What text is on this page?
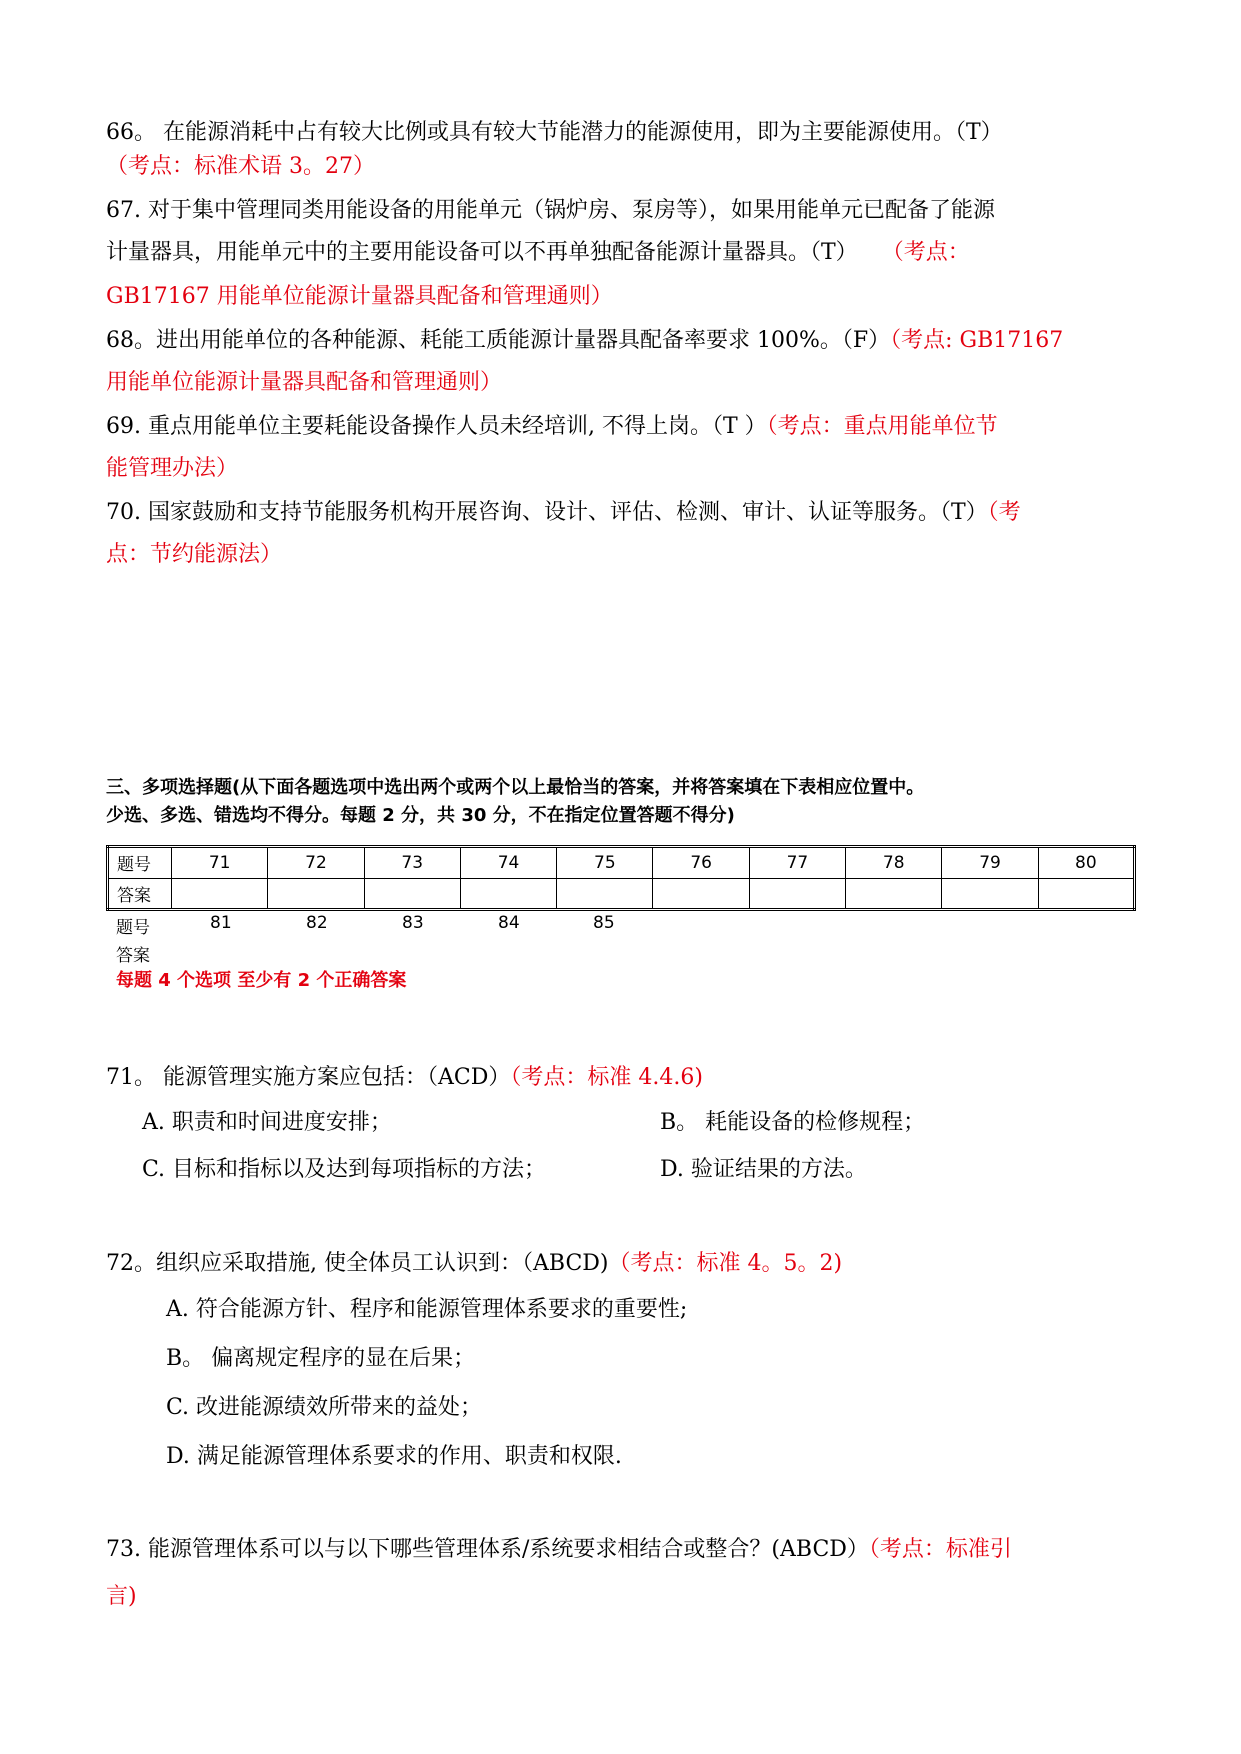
66。 在能源消耗中占有较大比例或具有较大节能潜力的能源使用，即为主要能源使用。（T）
（考点：标准术语 3。27）
67. 对于集中管理同类用能设备的用能单元（锅炉房、泵房等），如果用能单元已配备了能源
计量器具，用能单元中的主要用能设备可以不再单独配备能源计量器具。（T） （考点：
GB17167 用能单位能源计量器具配备和管理通则）
68。进出用能单位的各种能源、耗能工质能源计量器具配备率要求 100%。（F）（考点: GB17167
用能单位能源计量器具配备和管理通则）
69. 重点用能单位主要耗能设备操作人员未经培训, 不得上岗。（T ）（考点：重点用能单位节
能管理办法）
70. 国家鼓励和支持节能服务机构开展咨询、设计、评估、检测、审计、认证等服务。（T）（考
点：节约能源法）
三、多项选择题(从下面各题选项中选出两个或两个以上最恰当的答案，并将答案填在下表相应位置中。
少选、多选、错选均不得分。每题 2 分，共 30 分，不在指定位置答题不得分)
题号	71	72	73	74	75	76	77	78	79	80
答案										
题号	81	82	83	84	85
答案
每题 4 个选项 至少有 2 个正确答案
71。 能源管理实施方案应包括：（ACD）（考点：标准 4.4.6)
A. 职责和时间进度安排；	B。 耗能设备的检修规程；
C. 目标和指标以及达到每项指标的方法；	D. 验证结果的方法。
72。组织应采取措施, 使全体员工认识到：（ABCD)（考点：标准 4。5。2)
A. 符合能源方针、程序和能源管理体系要求的重要性;
B。 偏离规定程序的显在后果；
C. 改进能源绩效所带来的益处；
D. 满足能源管理体系要求的作用、职责和权限.
73. 能源管理体系可以与以下哪些管理体系/系统要求相结合或整合？(ABCD）（考点：标准引
言)
